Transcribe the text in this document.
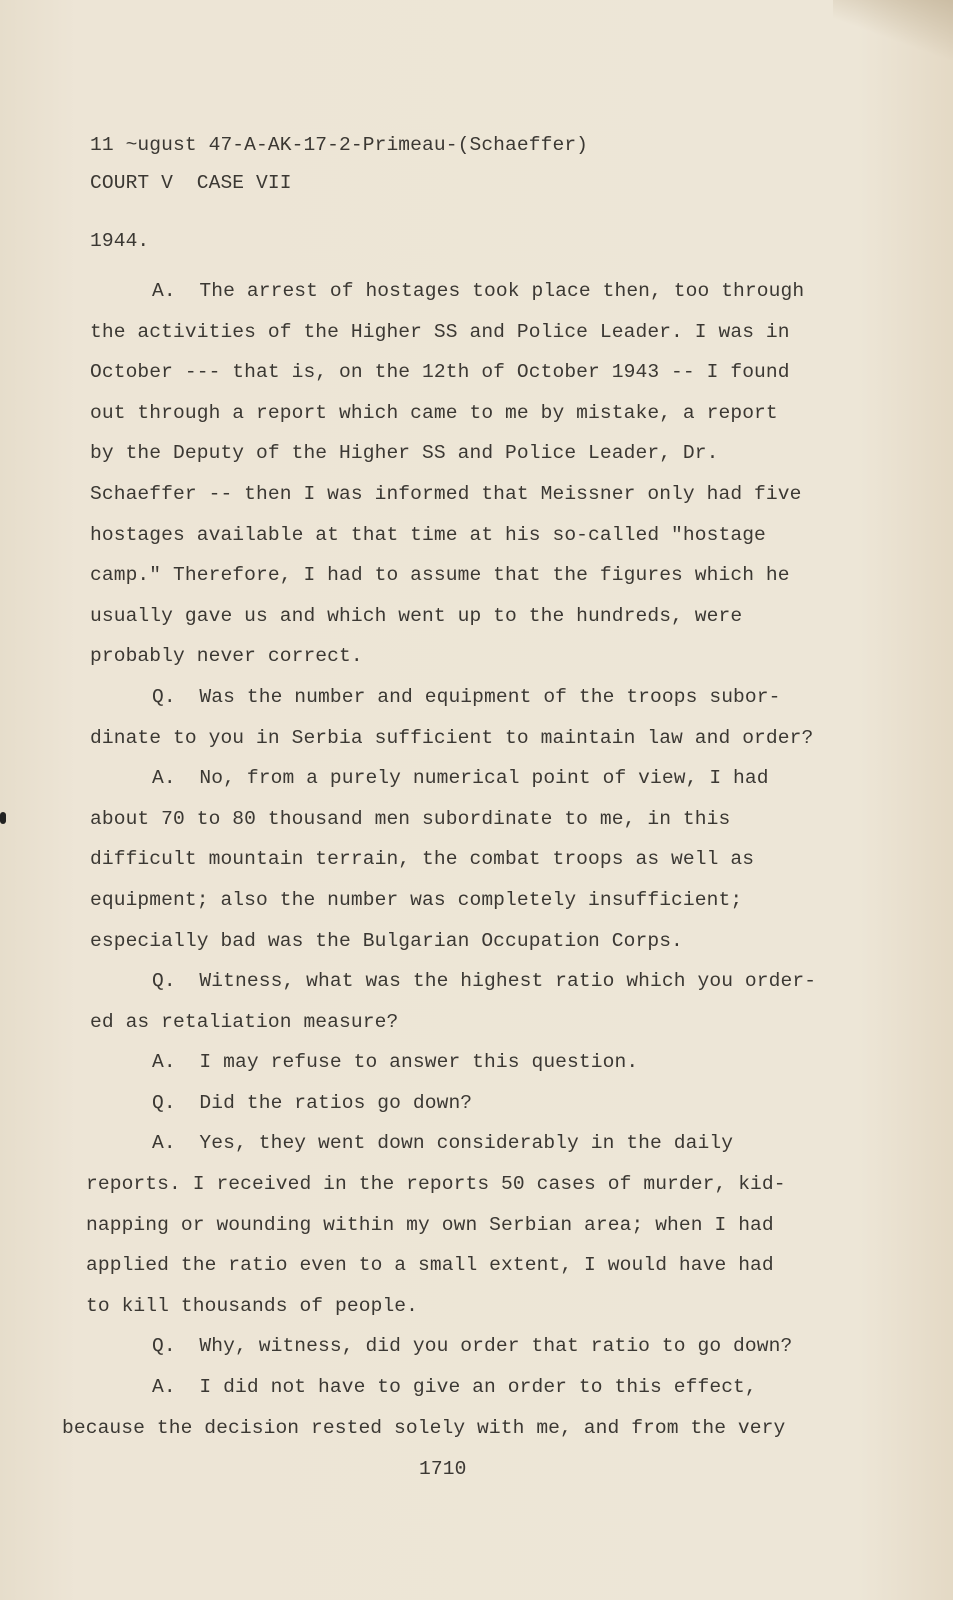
11 ~ugust 47-A-AK-17-2-Primeau-(Schaeffer)
COURT V  CASE VII
1944.
A.  The arrest of hostages took place then, too through
the activities of the Higher SS and Police Leader. I was in
October --- that is, on the 12th of October 1943 -- I found
out through a report which came to me by mistake, a report
by the Deputy of the Higher SS and Police Leader, Dr.
Schaeffer -- then I was informed that Meissner only had five
hostages available at that time at his so-called "hostage
camp." Therefore, I had to assume that the figures which he
usually gave us and which went up to the hundreds, were
probably never correct.
Q.  Was the number and equipment of the troops subor-
dinate to you in Serbia sufficient to maintain law and order?
A.  No, from a purely numerical point of view, I had
about 70 to 80 thousand men subordinate to me, in this
difficult mountain terrain, the combat troops as well as
equipment; also the number was completely insufficient;
especially bad was the Bulgarian Occupation Corps.
Q.  Witness, what was the highest ratio which you order-
ed as retaliation measure?
A.  I may refuse to answer this question.
Q.  Did the ratios go down?
A.  Yes, they went down considerably in the daily
reports. I received in the reports 50 cases of murder, kid-
napping or wounding within my own Serbian area; when I had
applied the ratio even to a small extent, I would have had
to kill thousands of people.
Q.  Why, witness, did you order that ratio to go down?
A.  I did not have to give an order to this effect,
because the decision rested solely with me, and from the very
1710
